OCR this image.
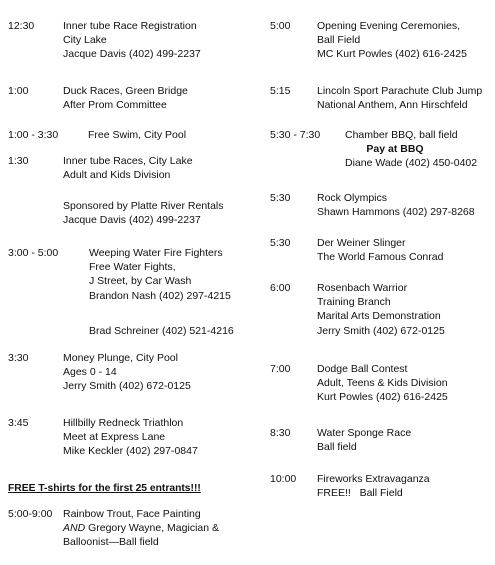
12:30	Inner tube Race Registration
City Lake
Jacque Davis (402) 499-2237
1:00	Duck Races, Green Bridge
After Prom Committee
1:00 - 3:30	Free Swim, City Pool
1:30	Inner tube Races, City Lake
Adult and Kids Division
Sponsored by Platte River Rentals
Jacque Davis (402) 499-2237
3:00 - 5:00	Weeping Water Fire Fighters
Free Water Fights,
J Street, by Car Wash
Brandon Nash (402) 297-4215
Brad Schreiner (402) 521-4216
3:30	Money Plunge, City Pool
Ages 0 - 14
Jerry Smith (402) 672-0125
3:45	Hillbilly Redneck Triathlon
Meet at Express Lane
Mike Keckler (402) 297-0847
FREE T-shirts for the first 25 entrants!!!
5:00-9:00 Rainbow Trout, Face Painting
AND Gregory Wayne, Magician &
Balloonist—Ball field
5:00	Opening Evening Ceremonies,
Ball Field
MC Kurt Powles (402) 616-2425
5:15	Lincoln Sport Parachute Club Jump
National Anthem, Ann Hirschfeld
5:30 - 7:30 Chamber BBQ, ball field
Pay at BBQ
Diane Wade (402) 450-0402
5:30	Rock Olympics
Shawn Hammons (402) 297-8268
5:30	Der Weiner Slinger
The World Famous Conrad
6:00	Rosenbach Warrior
Training Branch
Marital Arts Demonstration
Jerry Smith (402) 672-0125
7:00	Dodge Ball Contest
Adult, Teens & Kids Division
Kurt Powles (402) 616-2425
8:30	Water Sponge Race
Ball field
10:00 Fireworks Extravaganza
FREE!!   Ball Field
